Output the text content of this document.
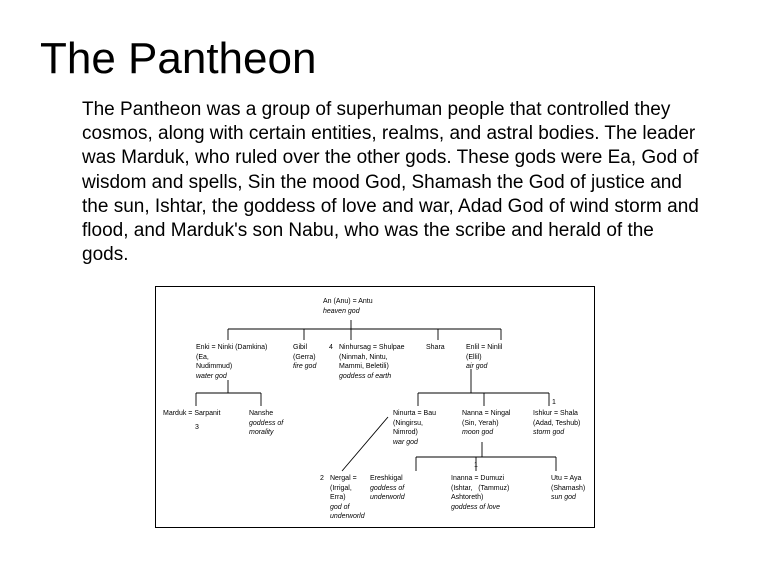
The Pantheon

The Pantheon was a group of superhuman people that controlled they cosmos, along with certain entities, realms, and astral bodies. The leader was Marduk, who ruled over the other gods. These gods were Ea, God of wisdom and spells, Sin the mood God, Shamash the God of justice and the sun, Ishtar, the goddess of love and war, Adad God of wind storm and flood, and Marduk's son Nabu, who was the scribe and herald of the gods.

An (Anu) = Antu
heaven god
Enki = Ninki (Damkina)
(Ea,
Nudimmud)
water god
Gibil
(Gerra)
fire god
4 Ninhursag = Shulpae
(Ninmah, Nintu,
Mammi, Beletili)
goddess of earth
Shara	Enlil = Ninlil
(Ellil)
air god
Marduk = Sarpanit
3
Nanshe
goddess of
morality
Ninurta = Bau
(Ningirsu,
Nimrod)
war god
Nanna = Ningal
(Sin, Yerah)
moon god
1
Ishkur = Shala
(Adad, Teshub)
storm god
2 Nergal =
(Irrigal,
Erra)
god of
underworld
Ereshkigal
goddess of
underworld
1
Inanna = Dumuzi
(Ishtar,   (Tammuz)
Ashtoreth)
goddess of love
Utu = Aya
(Shamash)
sun god
